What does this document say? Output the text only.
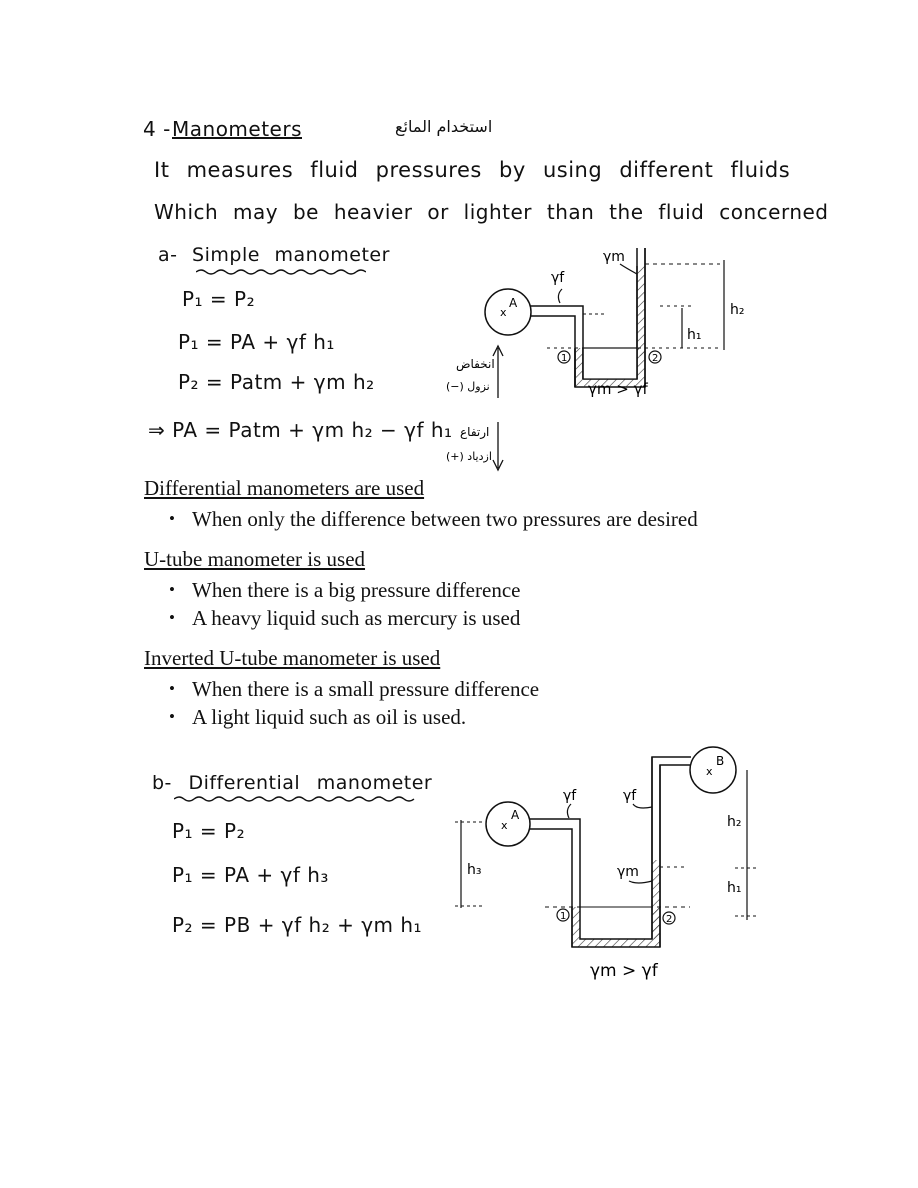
4 - Manometers	استخدام المائع
It measures fluid pressures by using different fluids
Which may be heavier or lighter than the fluid concerned
a- Simple manometer
P₁ = P₂
P₁ = PA + γf h₁
P₂ = Patm + γm h₂
⇒ PA = Patm + γm h₂ − γf h₁
x
A
h₁
h₂
γf
γm
1	2
γm > γf
انخفاض
(−) نزول
ارتفاع
(+) ازدياد
Differential manometers are used
• When only the difference between two pressures are desired
U-tube manometer is used
• When there is a big pressure difference
• A heavy liquid such as mercury is used
Inverted U-tube manometer is used
• When there is a small pressure difference
• A light liquid such as oil is used.
b- Differential manometer
P₁ = P₂
P₁ = PA + γf h₃
P₂ = PB + γf h₂ + γm h₁
x
A
x
B
h₃
h₂
h₁
γf	γf
γm
1	2
γm > γf
